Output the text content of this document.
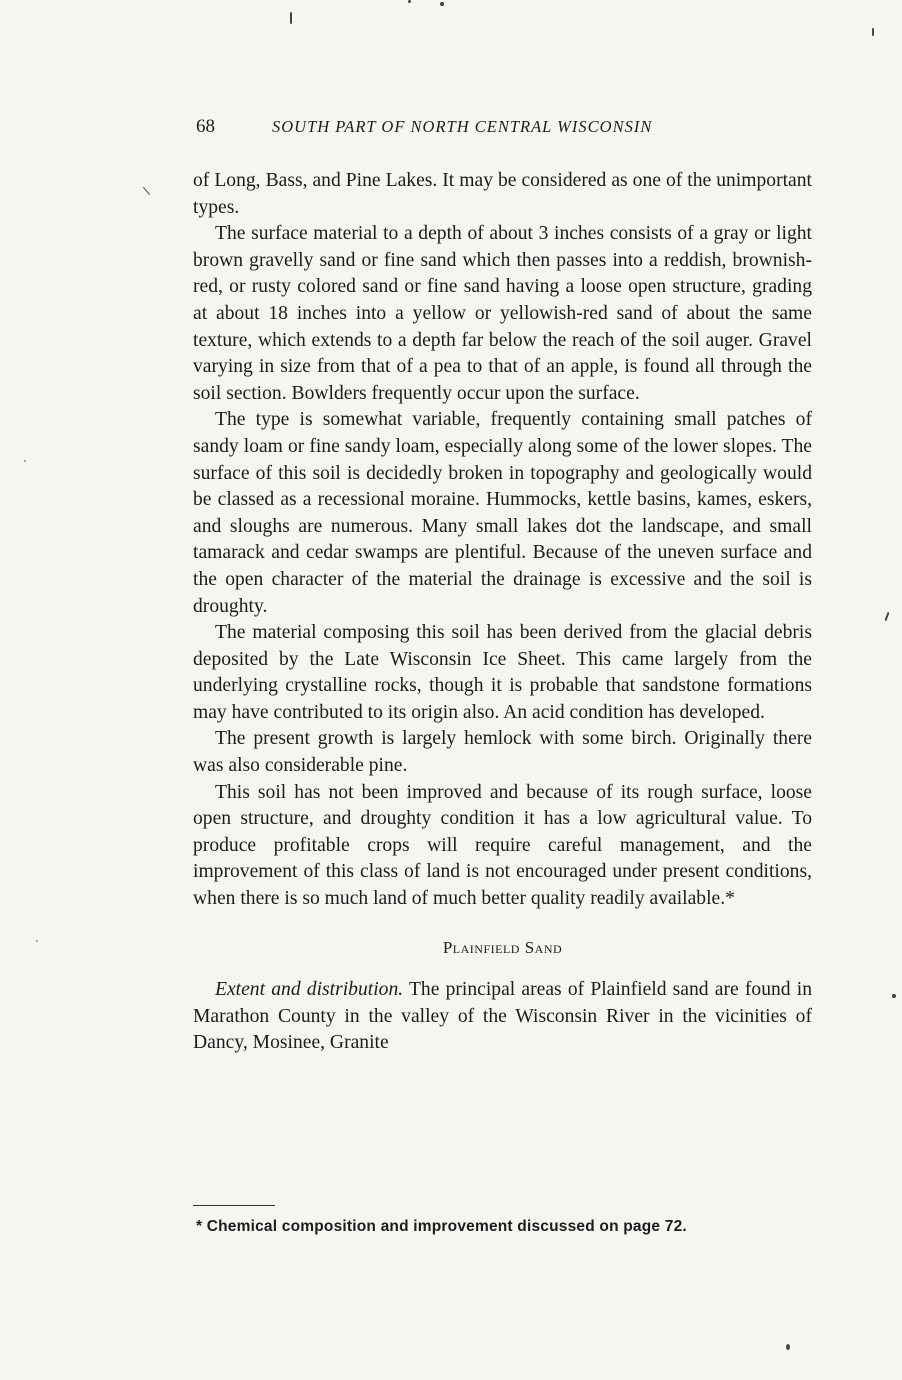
68	SOUTH PART OF NORTH CENTRAL WISCONSIN

of Long, Bass, and Pine Lakes. It may be considered as one of the unimportant types.

The surface material to a depth of about 3 inches consists of a gray or light brown gravelly sand or fine sand which then passes into a reddish, brownish-red, or rusty colored sand or fine sand having a loose open structure, grading at about 18 inches into a yellow or yellowish-red sand of about the same texture, which extends to a depth far below the reach of the soil auger. Gravel varying in size from that of a pea to that of an apple, is found all through the soil section. Bowlders frequently occur upon the surface.

The type is somewhat variable, frequently containing small patches of sandy loam or fine sandy loam, especially along some of the lower slopes. The surface of this soil is decidedly broken in topography and geologically would be classed as a recessional moraine. Hummocks, kettle basins, kames, eskers, and sloughs are numerous. Many small lakes dot the landscape, and small tamarack and cedar swamps are plentiful. Because of the uneven surface and the open character of the material the drainage is excessive and the soil is droughty.

The material composing this soil has been derived from the glacial debris deposited by the Late Wisconsin Ice Sheet. This came largely from the underlying crystalline rocks, though it is probable that sandstone formations may have contributed to its origin also. An acid condition has developed.

The present growth is largely hemlock with some birch. Originally there was also considerable pine.

This soil has not been improved and because of its rough surface, loose open structure, and droughty condition it has a low agricultural value. To produce profitable crops will require careful management, and the improvement of this class of land is not encouraged under present conditions, when there is so much land of much better quality readily available.*

Plainfield Sand

Extent and distribution. The principal areas of Plainfield sand are found in Marathon County in the valley of the Wisconsin River in the vicinities of Dancy, Mosinee, Granite

* Chemical composition and improvement discussed on page 72.
